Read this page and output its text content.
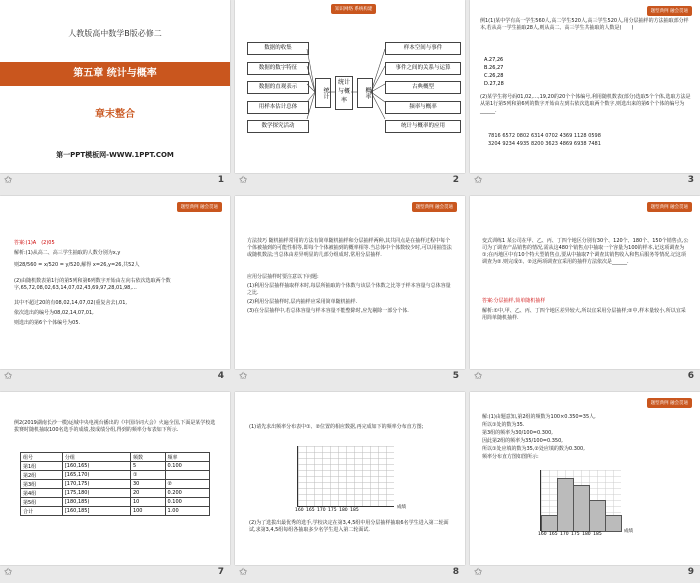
人教版高中数学B版必修二
第五章 统计与概率
章末整合
第一PPT模板网-WWW.1PPT.COM
✩	1
知识网络 系统构建
数据的收集
数据的数字特征
数据的直观表示
用样本估计总体
数学探究活动
统计
统计与概率
概率
样本空间与事件
事件之间的关系与运算
古典概型
频率与概率
统计与概率的应用
✩	2
题型典例 融会贯通
例1(1)某中学有高一学生560人,高二学生520人,高三学生520人,用分层抽样的方法抽取部分样本,若从高一学生抽取28人,则从高二、高三学生共抽取的人数是(　　)
A.27,26
B.26,27
C.26,28
D.27,28
(2)某学生将号码01,02,…,19,20的20个个体编号,利用随机数表(部分)选取5个个体,选取方法是从第1行第5列和第6列的数字开始由左到右依次选取两个数字,则选出来的第6个个体的编号为______.
7816 6572 0802 6314 0702 4369 1128 0598
3204 9234 4935 8200 3623 4869 6938 7481
✩	3
题型典例 融会贯通
答案:(1)A　(2)05
解析:(1)从高二、高三学生抽取的人数分别为x,y
则28/560 = x/520 = y/520,解得 x=26,y=26,共52人
(2)由随机数表第1行的第5列和第6列数字开始由左向右依次选取两个数字,65,72,08,02,63,14,07,02,43,69,97,28,01,98,…
其中不超过20的有08,02,14,07,02(重复舍去),01,
依次选出的编号为08,02,14,07,01,
则选出的第6个个体编号为05.
✩	4
题型典例 融会贯通
方法技巧 随机抽样常用的方法有简单随机抽样和分层抽样两种,其共同点是在抽样过程中每个个体被抽到的可能性相等,即每个个体被抽到的概率相等.当总体中个体数较少时,可以用抽签法或随机数法;当总体由差异明显的几部分组成时,常用分层抽样.
应用分层抽样时要注意以下问题:
(1)利用分层抽样抽取样本时,每层所抽取的个体数与该层个体数之比等于样本容量与总体容量之比.
(2)利用分层抽样时,层内抽样应采用简单随机抽样.
(3)在分层抽样中,若总体容量与样本容量不能整除时,应先剔除一部分个体.
✩	5
题型典例 融会贯通
变式训练1 某公司在甲、乙、丙、丁四个地区分别有30个、120个、180个、150个销售点,公司为了调查产品销售的情况,需从这480个销售点中抽取一个容量为100的样本,记这项调查为①;在丙地区中有10个特大型销售点,要从中抽取7个调查其销售收入和售后服务等情况,记这项调查为②.则完成①、②这两项调查宜采用的抽样方法依次是______.
答案:分层抽样,简单随机抽样
解析:①中,甲、乙、丙、丁四个地区差异较大,所以宜采用分层抽样;②中,样本量较小,所以宜采用简单随机抽样.
✩	6
例2(2019湖南长沙一模)运城中央电视台播出的《中国诗词大会》火遍全国,下面是某学校选拔赛时随机抽取100名选手的成绩,按成绩分组,得到的频率分布表如下所示.
组号	分组	频数	频率
第1组	[160,165)	5	0.100
第2组	[165,170)	①	
第3组	[170,175)	30	②
第4组	[175,180)	20	0.200
第5组	[180,185)	10	0.100
合计	[160,185]	100	1.00
✩	7
(1)请先求出频率分布表中①、②位置的相应数据,再完成如下的频率分布直方图;
160 165 170 175 180 185
成绩
(2)为了选拔出最优秀的选手,学校决定在第3,4,5组中用分层抽样抽取6名学生进入第二轮面试,求第3,4,5组每组各抽取多少名学生进入第二轮面试.
✩	8
题型典例 融会贯通
解:(1)由题意知,第2组的频数为100×0.350=35人,
所以①处的数为35.
第3组的频率为30/100=0.300,
因此第2组的频率为35/100=0.350,
所以①处应填的数为35,②处应填的数为0.300,
频率分布直方图如图所示:
160 165 170 175 180 185
成绩
✩	9
